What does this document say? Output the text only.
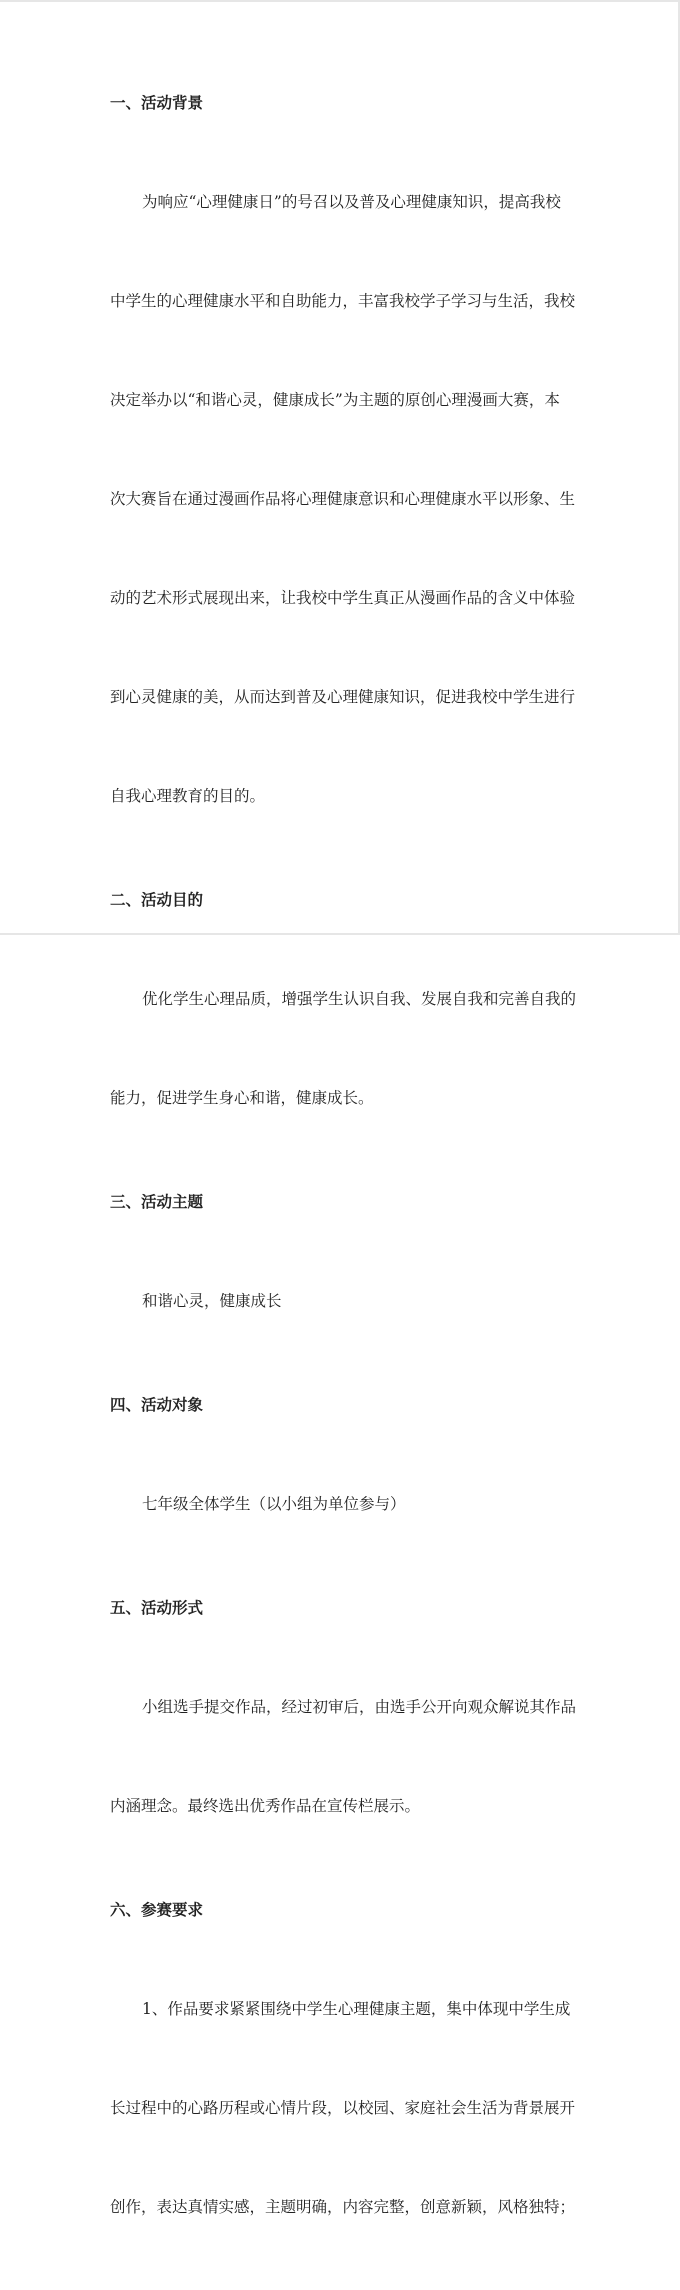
一、活动背景

为响应“心理健康日”的号召以及普及心理健康知识，提高我校

中学生的心理健康水平和自助能力，丰富我校学子学习与生活，我校

决定举办以“和谐心灵，健康成长”为主题的原创心理漫画大赛，本

次大赛旨在通过漫画作品将心理健康意识和心理健康水平以形象、生

动的艺术形式展现出来，让我校中学生真正从漫画作品的含义中体验

到心灵健康的美，从而达到普及心理健康知识，促进我校中学生进行

自我心理教育的目的。

二、活动目的

优化学生心理品质，增强学生认识自我、发展自我和完善自我的

能力，促进学生身心和谐，健康成长。

三、活动主题

和谐心灵，健康成长

四、活动对象

七年级全体学生（以小组为单位参与）

五、活动形式

小组选手提交作品，经过初审后，由选手公开向观众解说其作品

内涵理念。最终选出优秀作品在宣传栏展示。

六、参赛要求

1、作品要求紧紧围绕中学生心理健康主题，集中体现中学生成

长过程中的心路历程或心情片段，以校园、家庭社会生活为背景展开

创作，表达真情实感，主题明确，内容完整，创意新颖，风格独特；
